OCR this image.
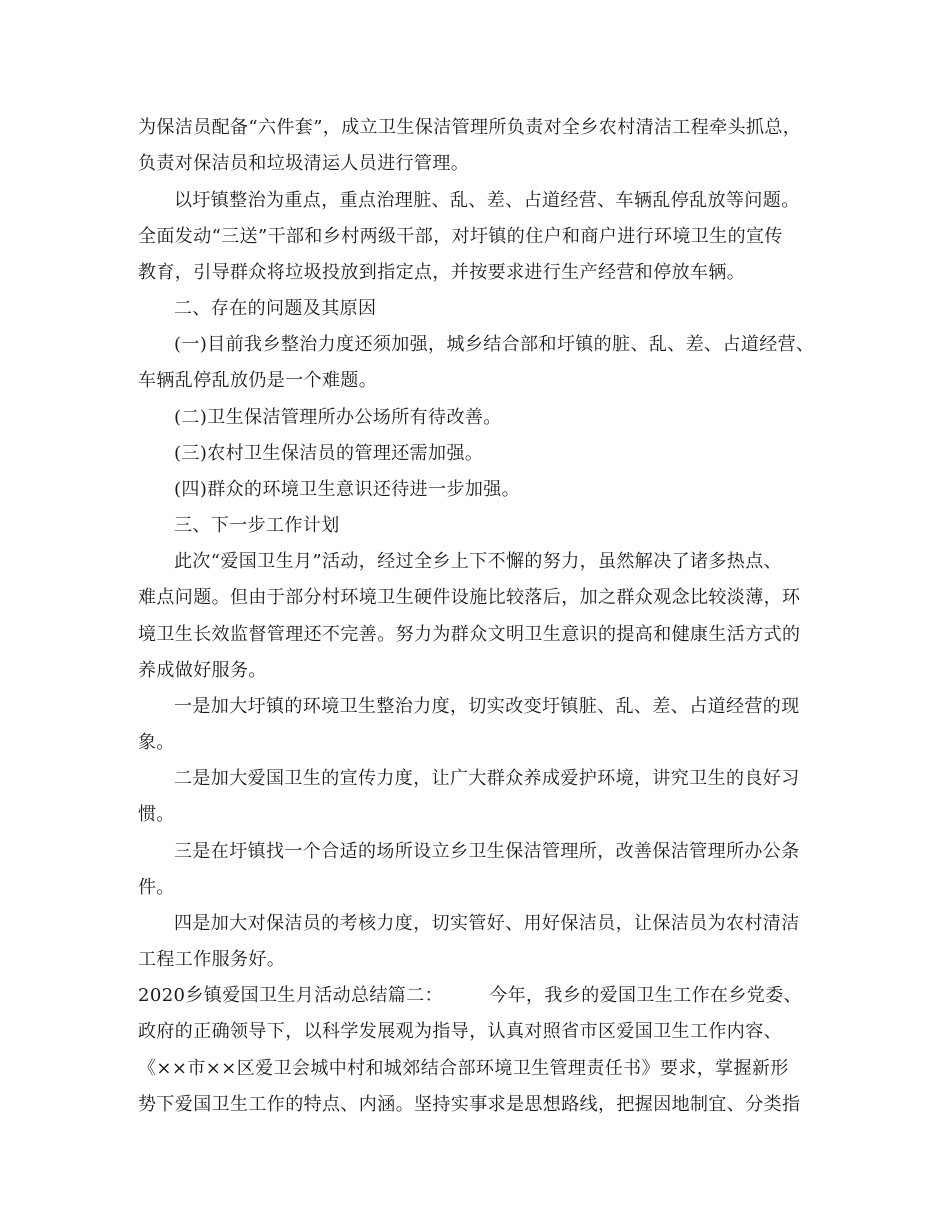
为保洁员配备“六件套”，成立卫生保洁管理所负责对全乡农村清洁工程牵头抓总，
负责对保洁员和垃圾清运人员进行管理。
以圩镇整治为重点，重点治理脏、乱、差、占道经营、车辆乱停乱放等问题。
全面发动“三送”干部和乡村两级干部，对圩镇的住户和商户进行环境卫生的宣传
教育，引导群众将垃圾投放到指定点，并按要求进行生产经营和停放车辆。
二、存在的问题及其原因
(一)目前我乡整治力度还须加强，城乡结合部和圩镇的脏、乱、差、占道经营、
车辆乱停乱放仍是一个难题。
(二)卫生保洁管理所办公场所有待改善。
(三)农村卫生保洁员的管理还需加强。
(四)群众的环境卫生意识还待进一步加强。
三、下一步工作计划
此次“爱国卫生月”活动，经过全乡上下不懈的努力，虽然解决了诸多热点、
难点问题。但由于部分村环境卫生硬件设施比较落后，加之群众观念比较淡薄，环
境卫生长效监督管理还不完善。努力为群众文明卫生意识的提高和健康生活方式的
养成做好服务。
一是加大圩镇的环境卫生整治力度，切实改变圩镇脏、乱、差、占道经营的现
象。
二是加大爱国卫生的宣传力度，让广大群众养成爱护环境，讲究卫生的良好习
惯。
三是在圩镇找一个合适的场所设立乡卫生保洁管理所，改善保洁管理所办公条
件。
四是加大对保洁员的考核力度，切实管好、用好保洁员，让保洁员为农村清洁
工程工作服务好。
2020乡镇爱国卫生月活动总结篇二：　　　今年，我乡的爱国卫生工作在乡党委、
政府的正确领导下，以科学发展观为指导，认真对照省市区爱国卫生工作内容、
《××市××区爱卫会城中村和城郊结合部环境卫生管理责任书》要求，掌握新形
势下爱国卫生工作的特点、内涵。坚持实事求是思想路线，把握因地制宜、分类指
